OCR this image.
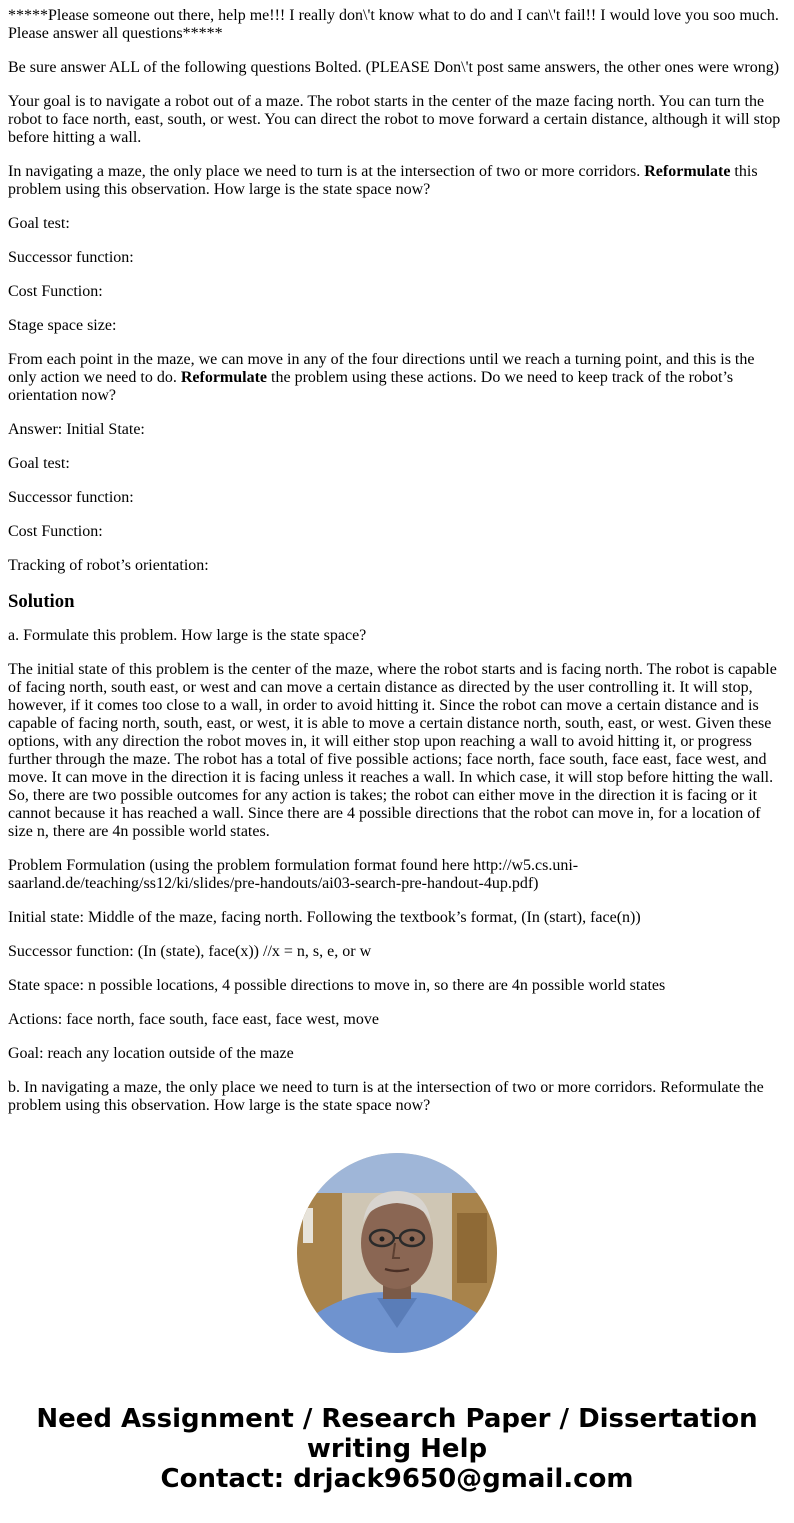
*****Please someone out there, help me!!! I really don\'t know what to do and I can\'t fail!! I would love you soo much. Please answer all questions*****

Be sure answer ALL of the following questions Bolted. (PLEASE Don\'t post same answers, the other ones were wrong)

Your goal is to navigate a robot out of a maze. The robot starts in the center of the maze facing north. You can turn the robot to face north, east, south, or west. You can direct the robot to move forward a certain distance, although it will stop before hitting a wall.

In navigating a maze, the only place we need to turn is at the intersection of two or more corridors. Reformulate this problem using this observation. How large is the state space now?

Goal test:

Successor function:

Cost Function:

Stage space size:

From each point in the maze, we can move in any of the four directions until we reach a turning point, and this is the only action we need to do. Reformulate the problem using these actions. Do we need to keep track of the robot’s orientation now?

Answer: Initial State:

Goal test:

Successor function:

Cost Function:

Tracking of robot’s orientation:

Solution

a. Formulate this problem. How large is the state space?

The initial state of this problem is the center of the maze, where the robot starts and is facing north. The robot is capable of facing north, south east, or west and can move a certain distance as directed by the user controlling it. It will stop, however, if it comes too close to a wall, in order to avoid hitting it. Since the robot can move a certain distance and is capable of facing north, south, east, or west, it is able to move a certain distance north, south, east, or west. Given these options, with any direction the robot moves in, it will either stop upon reaching a wall to avoid hitting it, or progress further through the maze. The robot has a total of five possible actions; face north, face south, face east, face west, and move. It can move in the direction it is facing unless it reaches a wall. In which case, it will stop before hitting the wall. So, there are two possible outcomes for any action is takes; the robot can either move in the direction it is facing or it cannot because it has reached a wall. Since there are 4 possible directions that the robot can move in, for a location of size n, there are 4n possible world states.

Problem Formulation (using the problem formulation format found here http://w5.cs.uni-saarland.de/teaching/ss12/ki/slides/pre-handouts/ai03-search-pre-handout-4up.pdf)

Initial state: Middle of the maze, facing north. Following the textbook’s format, (In (start), face(n))

Successor function: (In (state), face(x)) //x = n, s, e, or w

State space: n possible locations, 4 possible directions to move in, so there are 4n possible world states

Actions: face north, face south, face east, face west, move

Goal: reach any location outside of the maze

b. In navigating a maze, the only place we need to turn is at the intersection of two or more corridors. Reformulate the problem using this observation. How large is the state space now?

Need Assignment / Research Paper / Dissertation writing Help
Contact: drjack9650@gmail.com
